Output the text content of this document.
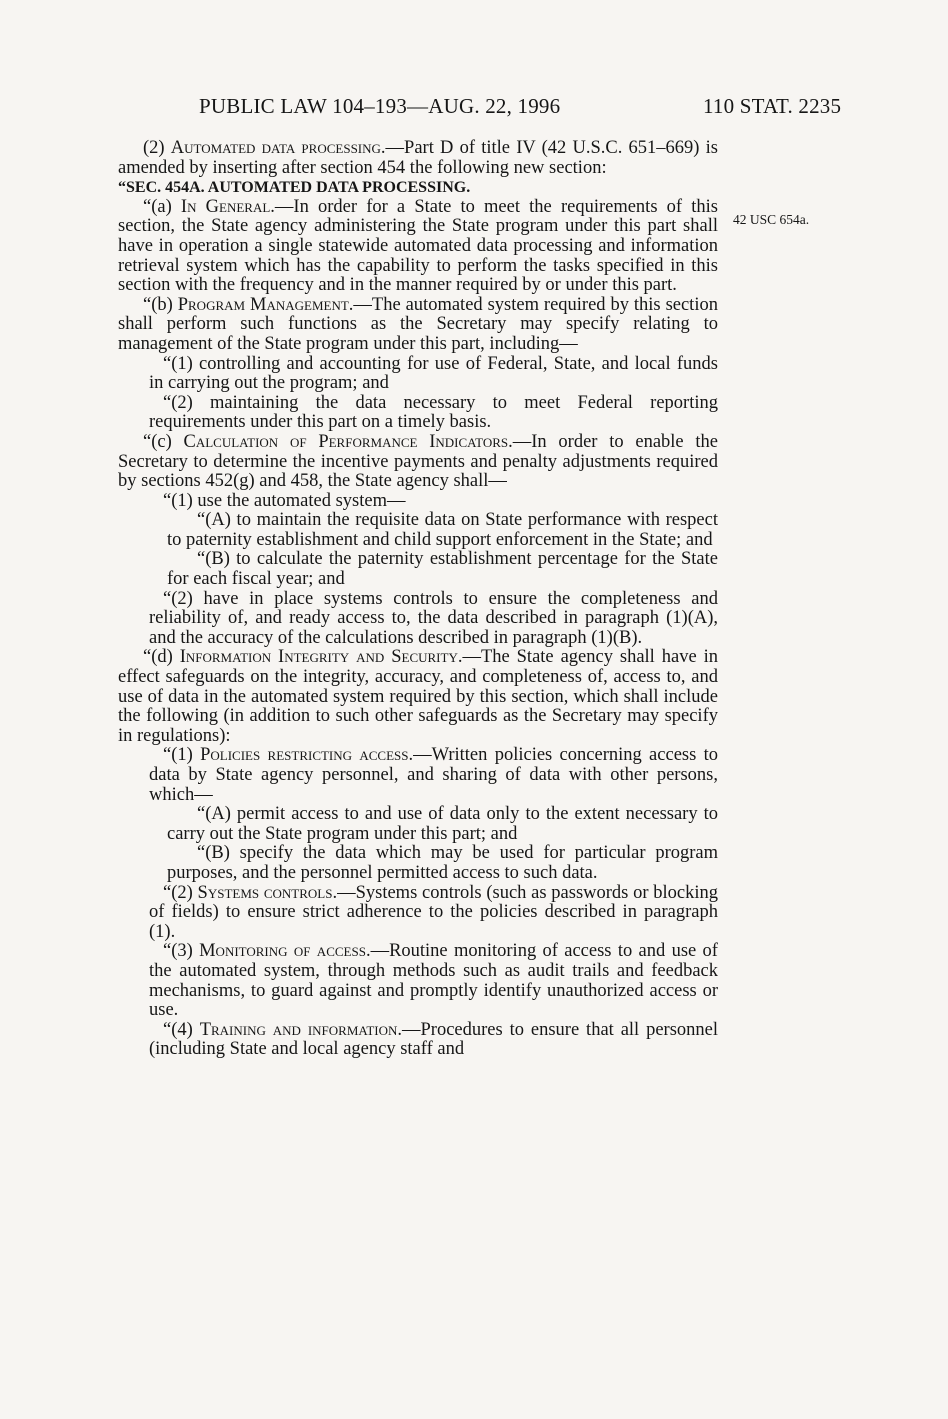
PUBLIC LAW 104–193—AUG. 22, 1996	110 STAT. 2235
42 USC 654a.

(2) Automated data processing.—Part D of title IV (42 U.S.C. 651–669) is amended by inserting after section 454 the following new section:

“SEC. 454A. AUTOMATED DATA PROCESSING.

“(a) In General.—In order for a State to meet the requirements of this section, the State agency administering the State program under this part shall have in operation a single statewide automated data processing and information retrieval system which has the capability to perform the tasks specified in this section with the frequency and in the manner required by or under this part.

“(b) Program Management.—The automated system required by this section shall perform such functions as the Secretary may specify relating to management of the State program under this part, including—

“(1) controlling and accounting for use of Federal, State, and local funds in carrying out the program; and

“(2) maintaining the data necessary to meet Federal reporting requirements under this part on a timely basis.

“(c) Calculation of Performance Indicators.—In order to enable the Secretary to determine the incentive payments and penalty adjustments required by sections 452(g) and 458, the State agency shall—

“(1) use the automated system—

“(A) to maintain the requisite data on State performance with respect to paternity establishment and child support enforcement in the State; and

“(B) to calculate the paternity establishment percentage for the State for each fiscal year; and

“(2) have in place systems controls to ensure the completeness and reliability of, and ready access to, the data described in paragraph (1)(A), and the accuracy of the calculations described in paragraph (1)(B).

“(d) Information Integrity and Security.—The State agency shall have in effect safeguards on the integrity, accuracy, and completeness of, access to, and use of data in the automated system required by this section, which shall include the following (in addition to such other safeguards as the Secretary may specify in regulations):

“(1) Policies restricting access.—Written policies concerning access to data by State agency personnel, and sharing of data with other persons, which—

“(A) permit access to and use of data only to the extent necessary to carry out the State program under this part; and

“(B) specify the data which may be used for particular program purposes, and the personnel permitted access to such data.

“(2) Systems controls.—Systems controls (such as passwords or blocking of fields) to ensure strict adherence to the policies described in paragraph (1).

“(3) Monitoring of access.—Routine monitoring of access to and use of the automated system, through methods such as audit trails and feedback mechanisms, to guard against and promptly identify unauthorized access or use.

“(4) Training and information.—Procedures to ensure that all personnel (including State and local agency staff and
